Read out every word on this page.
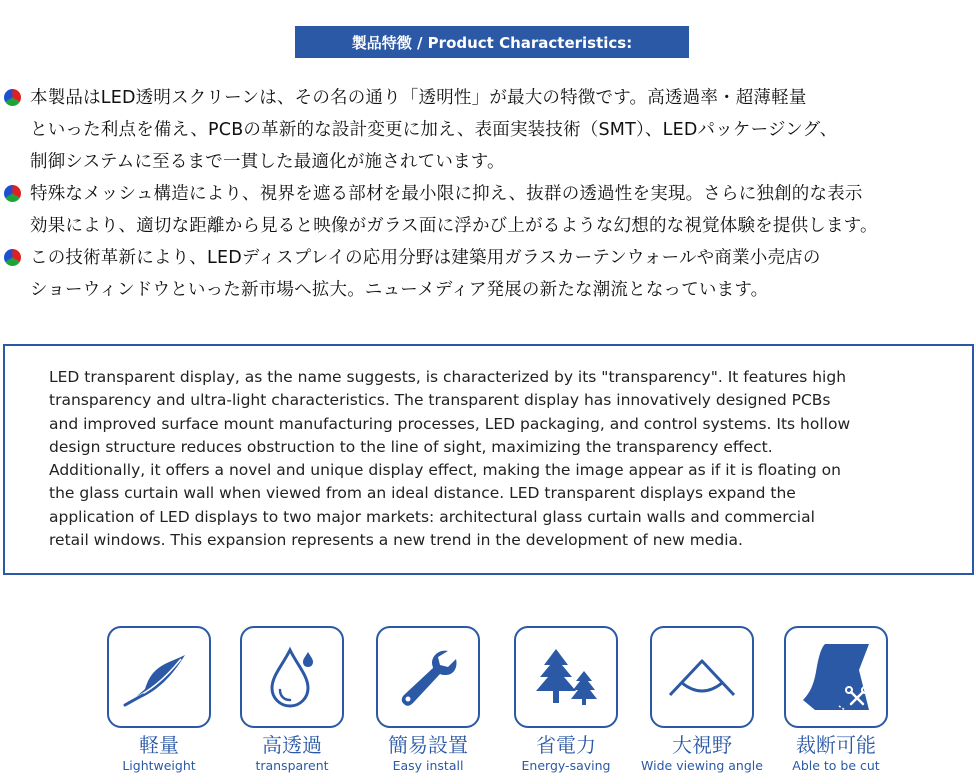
製品特徴 / Product Characteristics:
本製品はLED透明スクリーンは、その名の通り「透明性」が最大の特徴です。高透過率・超薄軽量
といった利点を備え、PCBの革新的な設計変更に加え、表面実装技術（SMT）、LEDパッケージング、
制御システムに至るまで一貫した最適化が施されています。
特殊なメッシュ構造により、視界を遮る部材を最小限に抑え、抜群の透過性を実現。さらに独創的な表示
効果により、適切な距離から見ると映像がガラス面に浮かび上がるような幻想的な視覚体験を提供します。
この技術革新により、LEDディスプレイの応用分野は建築用ガラスカーテンウォールや商業小売店の
ショーウィンドウといった新市場へ拡大。ニューメディア発展の新たな潮流となっています。
LED transparent display, as the name suggests, is characterized by its "transparency". It features high
transparency and ultra-light characteristics. The transparent display has innovatively designed PCBs
and improved surface mount manufacturing processes, LED packaging, and control systems. Its hollow
design structure reduces obstruction to the line of sight, maximizing the transparency effect.
Additionally, it offers a novel and unique display effect, making the image appear as if it is floating on
the glass curtain wall when viewed from an ideal distance. LED transparent displays expand the
application of LED displays to two major markets: architectural glass curtain walls and commercial
retail windows. This expansion represents a new trend in the development of new media.
軽量
Lightweight
高透過
transparent
簡易設置
Easy install
省電力
Energy-saving
大視野
Wide viewing angle
裁断可能
Able to be cut
